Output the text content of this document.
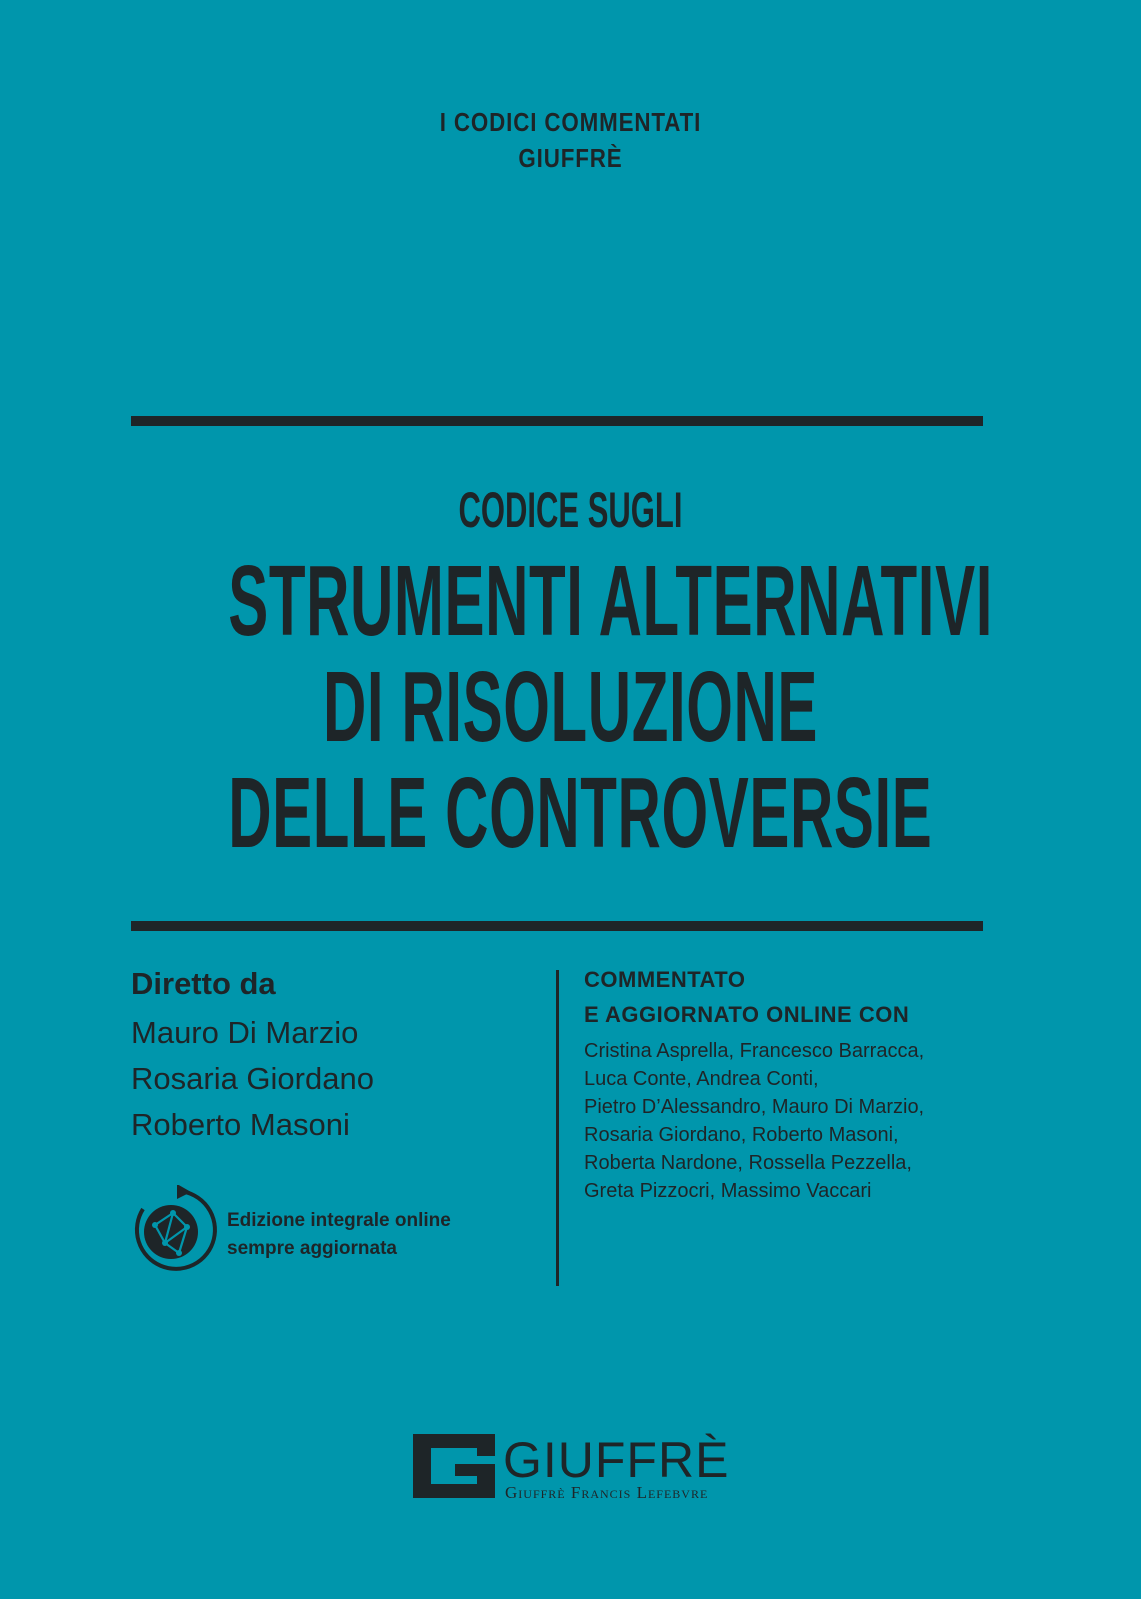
I CODICI COMMENTATI
GIUFFRÈ
CODICE SUGLI
STRUMENTI ALTERNATIVI
DI RISOLUZIONE
DELLE CONTROVERSIE
Diretto da
Mauro Di Marzio
Rosaria Giordano
Roberto Masoni
Edizione integrale online
sempre aggiornata
COMMENTATO
E AGGIORNATO ONLINE CON
Cristina Asprella, Francesco Barracca,
Luca Conte, Andrea Conti,
Pietro D’Alessandro, Mauro Di Marzio,
Rosaria Giordano, Roberto Masoni,
Roberta Nardone, Rossella Pezzella,
Greta Pizzocri, Massimo Vaccari
GIUFFRÈ
Giuffrè Francis Lefebvre
